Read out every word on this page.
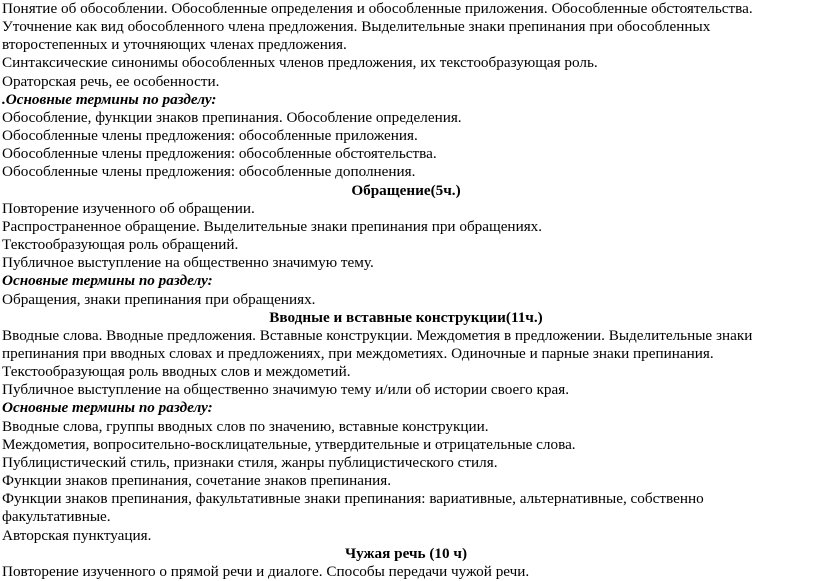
Понятие об обособлении. Обособленные определения и обособленные приложения. Обособленные обстоятельства.

Уточнение как вид обособленного члена предложения. Выделительные знаки препинания при обособленных второстепенных и уточняющих членах предложения.

Синтаксические синонимы обособленных членов предложения, их текстообразующая роль.

Ораторская речь, ее особенности.

.Основные термины по разделу:

Обособление, функции знаков препинания. Обособление определения.

Обособленные члены предложения: обособленные приложения.

Обособленные члены предложения: обособленные обстоятельства.

Обособленные члены предложения: обособленные дополнения.

Обращение(5ч.)

Повторение изученного об обращении.

Распространенное обращение. Выделительные знаки препинания при обращениях.

Текстообразующая роль обращений.

Публичное выступление на общественно значимую тему.

Основные термины по разделу:

Обращения, знаки препинания при обращениях.

Вводные и вставные конструкции(11ч.)

Вводные слова. Вводные предложения. Вставные конструкции. Междометия в предложении. Выделительные знаки препинания при вводных словах и предложениях, при междометиях. Одиночные и парные знаки препинания.

Текстообразующая роль вводных слов и междометий.

Публичное выступление на общественно значимую тему и/или об истории своего края.

Основные термины по разделу:

Вводные слова, группы вводных слов по значению, вставные конструкции.

Междометия, вопросительно-восклицательные, утвердительные и отрицательные слова.

Публицистический стиль, признаки стиля, жанры публицистического стиля.

Функции знаков препинания, сочетание знаков препинания.

Функции знаков препинания, факультативные знаки препинания: вариативные, альтернативные, собственно факультативные.

Авторская пунктуация.

Чужая речь (10 ч)

Повторение изученного о прямой речи и диалоге. Способы передачи чужой речи.
